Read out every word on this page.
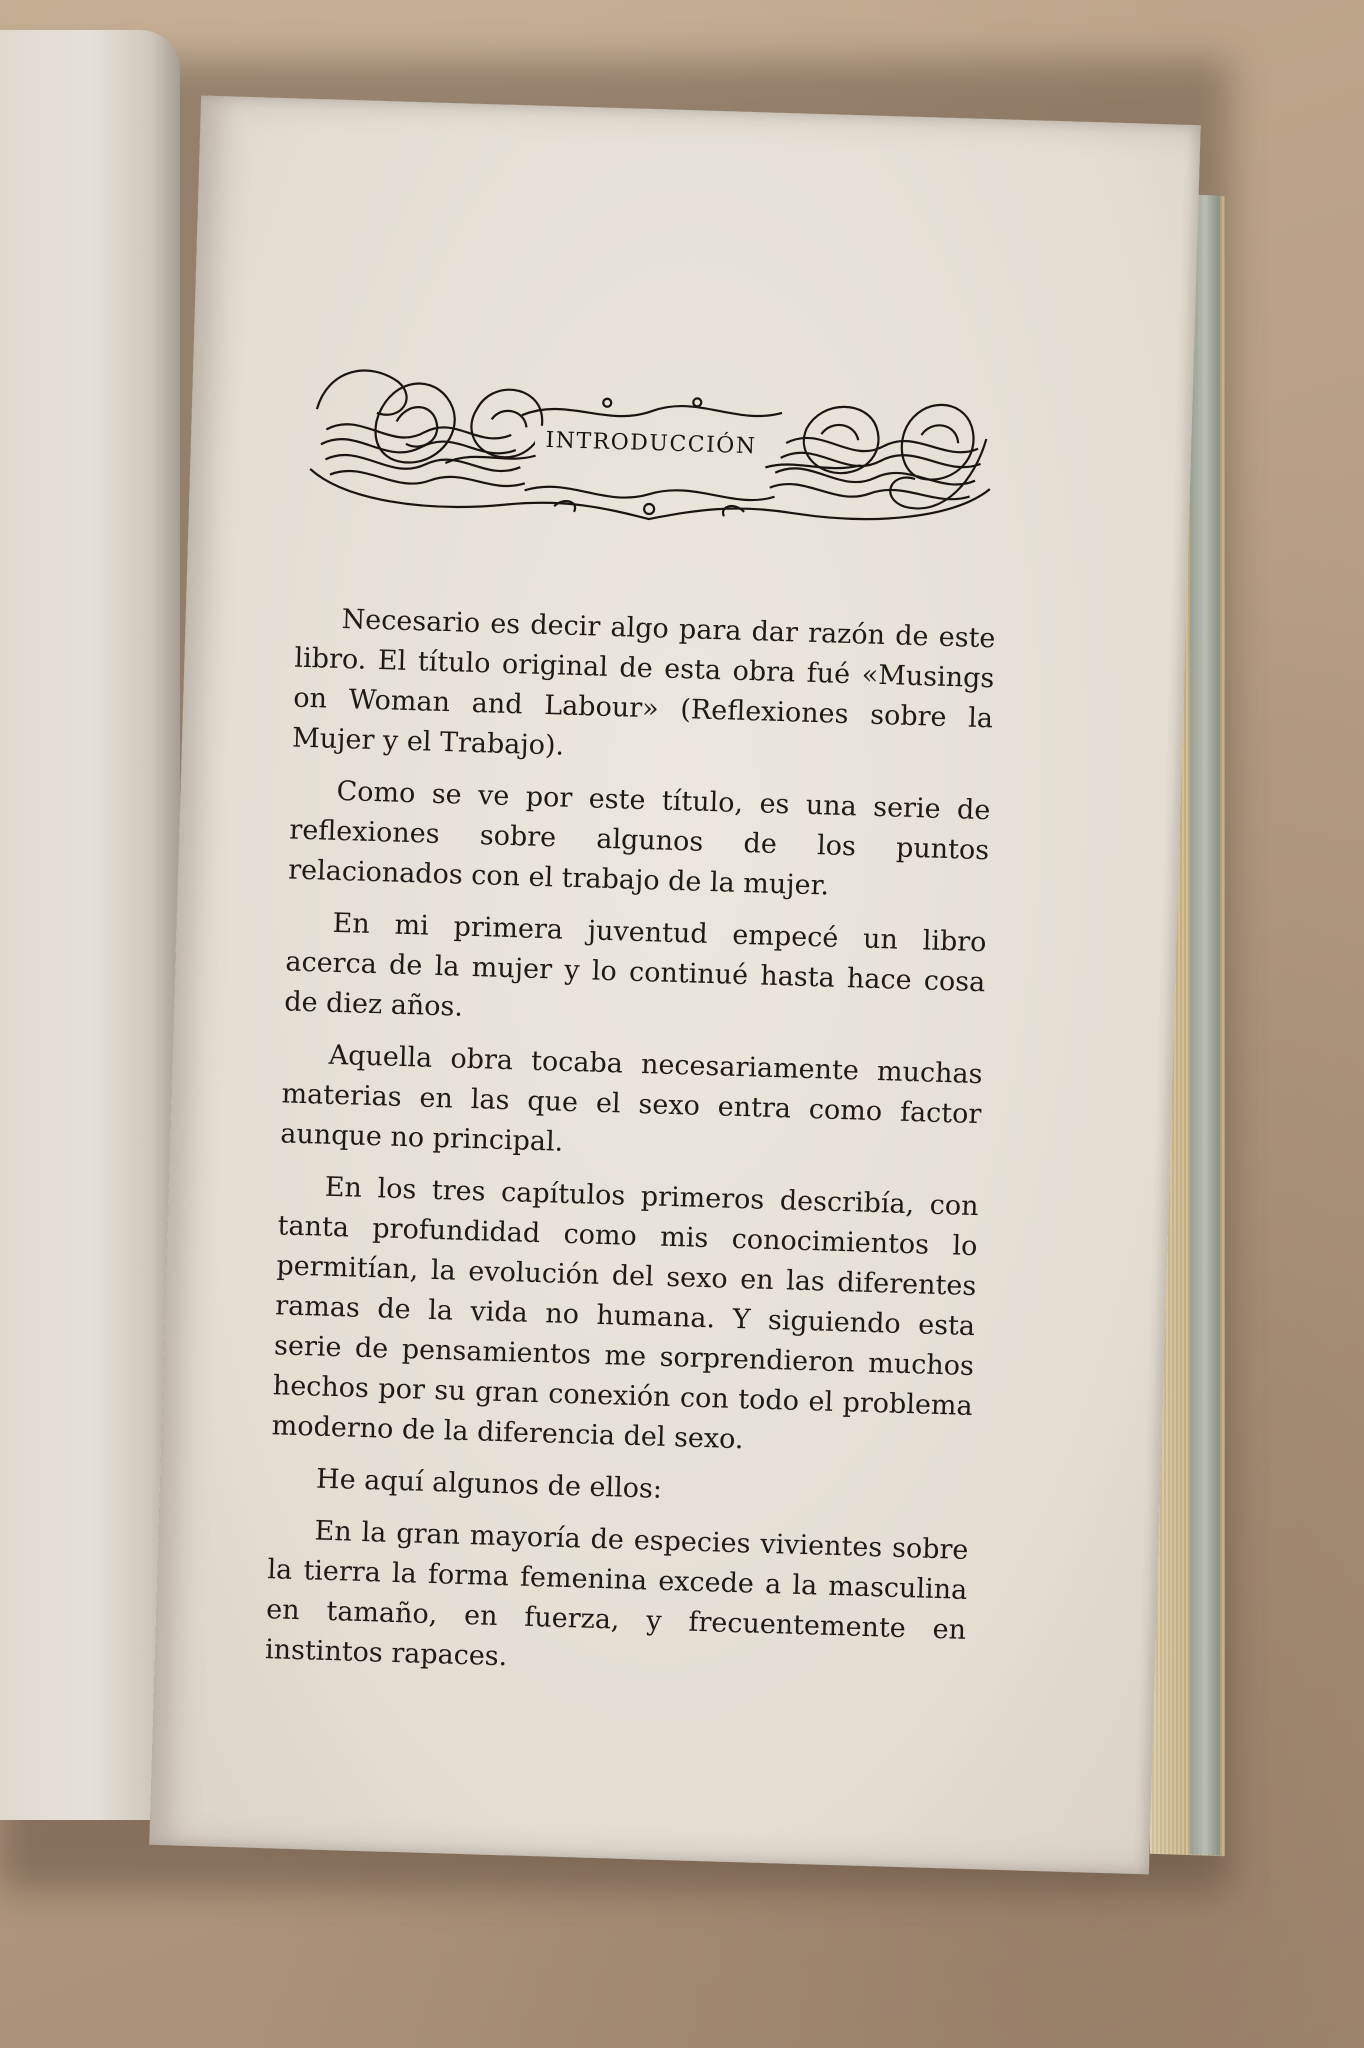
INTRODUCCIÓN

Necesario es decir algo para dar razón de este libro. El título original de esta obra fué «Musings on Woman and Labour» (Reflexiones sobre la Mujer y el Trabajo).

Como se ve por este título, es una serie de reflexiones sobre algunos de los puntos relacionados con el trabajo de la mujer.

En mi primera juventud empecé un libro acerca de la mujer y lo continué hasta hace cosa de diez años.

Aquella obra tocaba necesariamente muchas materias en las que el sexo entra como factor aunque no principal.

En los tres capítulos primeros describía, con tanta profundidad como mis conocimientos lo permitían, la evolución del sexo en las diferentes ramas de la vida no humana. Y siguiendo esta serie de pensamientos me sorprendieron muchos hechos por su gran conexión con todo el problema moderno de la diferencia del sexo.

He aquí algunos de ellos:

En la gran mayoría de especies vivientes sobre la tierra la forma femenina excede a la masculina en tamaño, en fuerza, y frecuentemente en instintos rapaces.
